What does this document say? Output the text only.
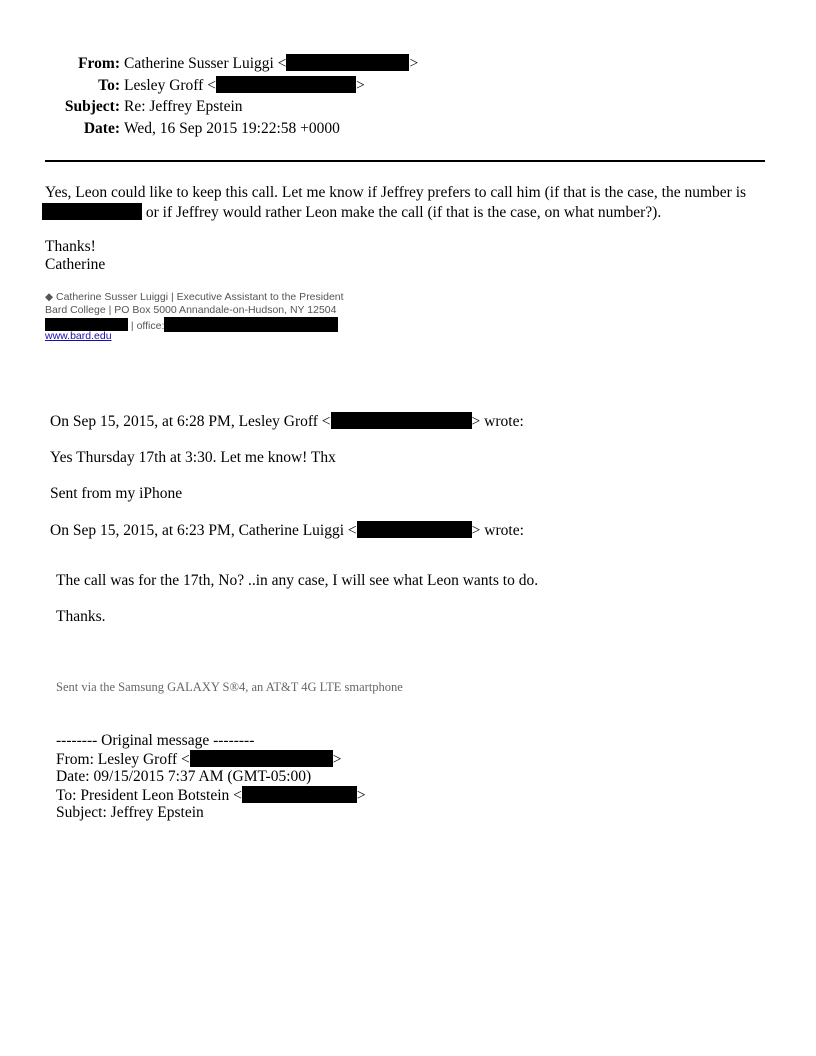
From: Catherine Susser Luiggi <	>
To: Lesley Groff <	>
Subject: Re: Jeffrey Epstein
Date: Wed, 16 Sep 2015 19:22:58 +0000
Yes, Leon could like to keep this call. Let me know if Jeffrey prefers to call him (if that is the case, the number is
or if Jeffrey would rather Leon make the call (if that is the case, on what number?).
Thanks!
Catherine
◆ Catherine Susser Luiggi | Executive Assistant to the President
Bard College | PO Box 5000 Annandale-on-Hudson, NY 12504
| office:
www.bard.edu
On Sep 15, 2015, at 6:28 PM, Lesley Groff <	> wrote:
Yes Thursday 17th at 3:30. Let me know! Thx
Sent from my iPhone
On Sep 15, 2015, at 6:23 PM, Catherine Luiggi <	> wrote:
The call was for the 17th, No? ..in any case, I will see what Leon wants to do.
Thanks.
Sent via the Samsung GALAXY S®4, an AT&T 4G LTE smartphone
-------- Original message --------
From: Lesley Groff <	>
Date: 09/15/2015 7:37 AM (GMT-05:00)
To: President Leon Botstein <	>
Subject: Jeffrey Epstein
